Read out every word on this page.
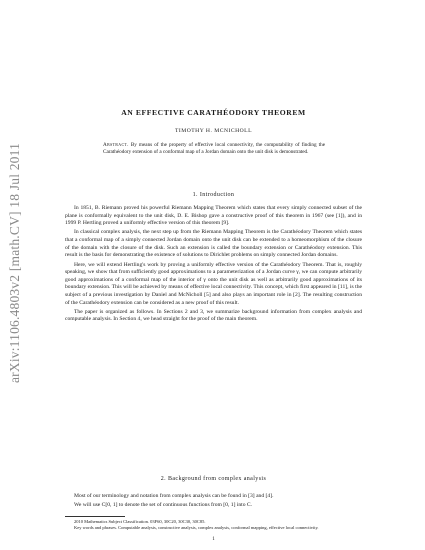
arXiv:1106.4803v2 [math.CV] 18 Jul 2011
AN EFFECTIVE CARATHÉODORY THEOREM
TIMOTHY H. MCNICHOLL
Abstract. By means of the property of effective local connectivity, the computability of finding the Carathéodory extension of a conformal map of a Jordan domain onto the unit disk is demonstrated.
1. Introduction

In 1851, B. Riemann proved his powerful Riemann Mapping Theorem which states that every simply connected subset of the plane is conformally equivalent to the unit disk, D. E. Bishop gave a constructive proof of this theorem in 1967 (see [1]), and in 1999 P. Hertling proved a uniformly effective version of this theorem [9].

In classical complex analysis, the next step up from the Riemann Mapping Theorem is the Carathéodory Theorem which states that a conformal map of a simply connected Jordan domain onto the unit disk can be extended to a homeomorphism of the closure of the domain with the closure of the disk. Such an extension is called the boundary extension or Carathéodory extension. This result is the basis for demonstrating the existence of solutions to Dirichlet problems on simply connected Jordan domains.

Here, we will extend Hertling's work by proving a uniformly effective version of the Carathéodory Theorem. That is, roughly speaking, we show that from sufficiently good approximations to a parameterization of a Jordan curve γ, we can compute arbitrarily good approximations of a conformal map of the interior of γ onto the unit disk as well as arbitrarily good approximations of its boundary extension. This will be achieved by means of effective local connectivity. This concept, which first appeared in [11], is the subject of a previous investigation by Daniel and McNicholl [5] and also plays an important role in [2]. The resulting construction of the Carathéodory extension can be considered as a new proof of this result.

The paper is organized as follows. In Sections 2 and 3, we summarize background information from complex analysis and computable analysis. In Section 4, we head straight for the proof of the main theorem.

2. Background from complex analysis

Most of our terminology and notation from complex analysis can be found in [3] and [4].

We will use C[0, 1] to denote the set of continuous functions from [0, 1] into C.

2010 Mathematics Subject Classification. 03F60, 30C20, 30C30, 30C85.
Key words and phrases. Computable analysis, constructive analysis, complex analysis, conformal mapping, effective local connectivity.
1
